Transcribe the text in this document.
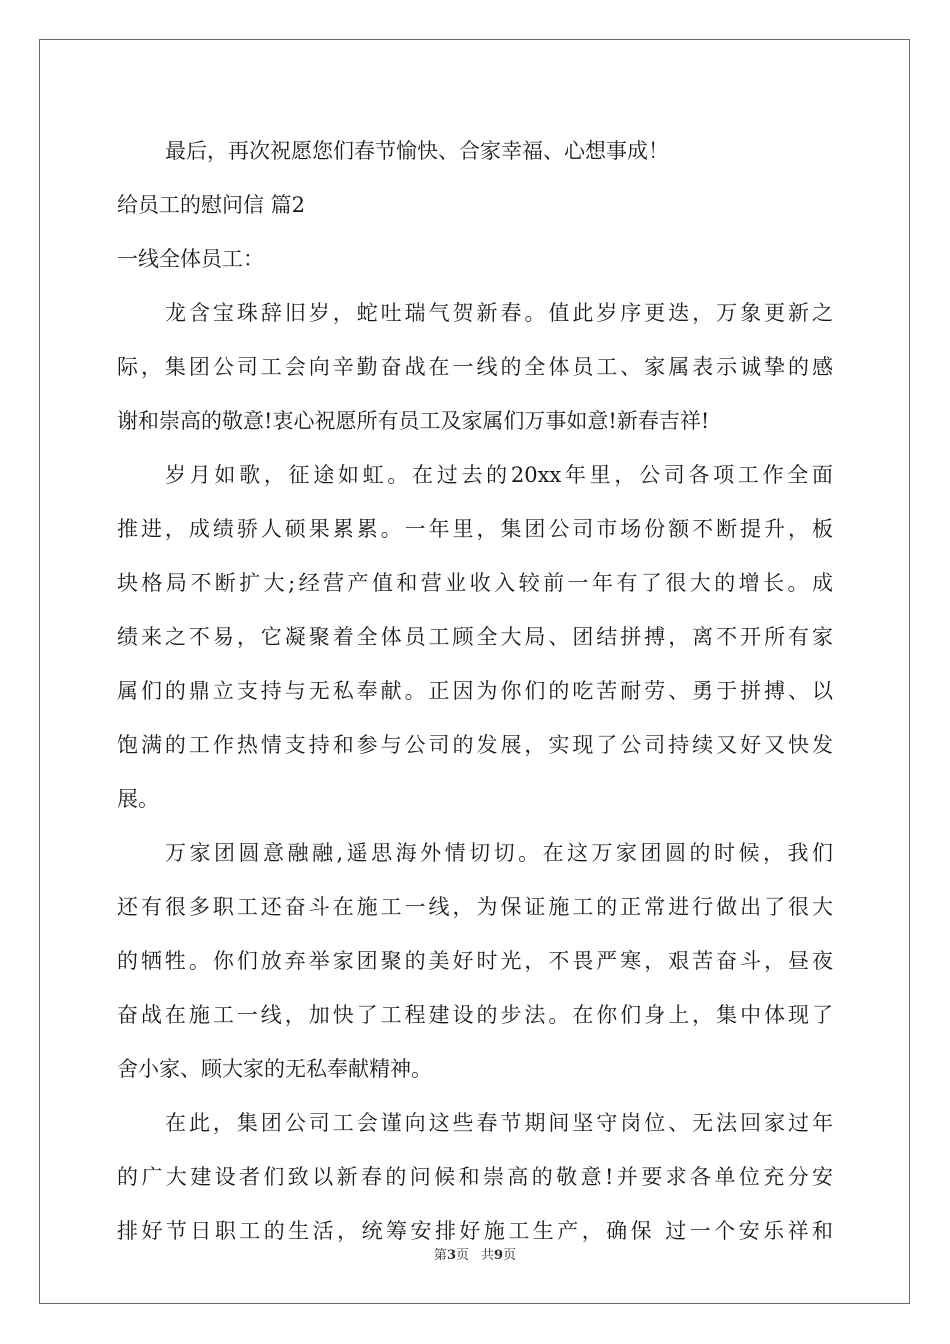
最后，再次祝愿您们春节愉快、合家幸福、心想事成！
给员工的慰问信 篇2
一线全体员工：
龙含宝珠辞旧岁，蛇吐瑞气贺新春。值此岁序更迭，万象更新之
际，集团公司工会向辛勤奋战在一线的全体员工、家属表示诚挚的感
谢和崇高的敬意!衷心祝愿所有员工及家属们万事如意!新春吉祥!
岁月如歌，征途如虹。在过去的20xx年里，公司各项工作全面
推进，成绩骄人硕果累累。一年里，集团公司市场份额不断提升，板
块格局不断扩大;经营产值和营业收入较前一年有了很大的增长。成
绩来之不易，它凝聚着全体员工顾全大局、团结拼搏，离不开所有家
属们的鼎立支持与无私奉献。正因为你们的吃苦耐劳、勇于拼搏、以
饱满的工作热情支持和参与公司的发展，实现了公司持续又好又快发
展。
万家团圆意融融,遥思海外情切切。在这万家团圆的时候，我们
还有很多职工还奋斗在施工一线，为保证施工的正常进行做出了很大
的牺牲。你们放弃举家团聚的美好时光，不畏严寒，艰苦奋斗，昼夜
奋战在施工一线，加快了工程建设的步法。在你们身上，集中体现了
舍小家、顾大家的无私奉献精神。
在此，集团公司工会谨向这些春节期间坚守岗位、无法回家过年
的广大建设者们致以新春的问候和崇高的敬意!并要求各单位充分安
排好节日职工的生活，统筹安排好施工生产，确保 过一个安乐祥和
第3页 共9页
